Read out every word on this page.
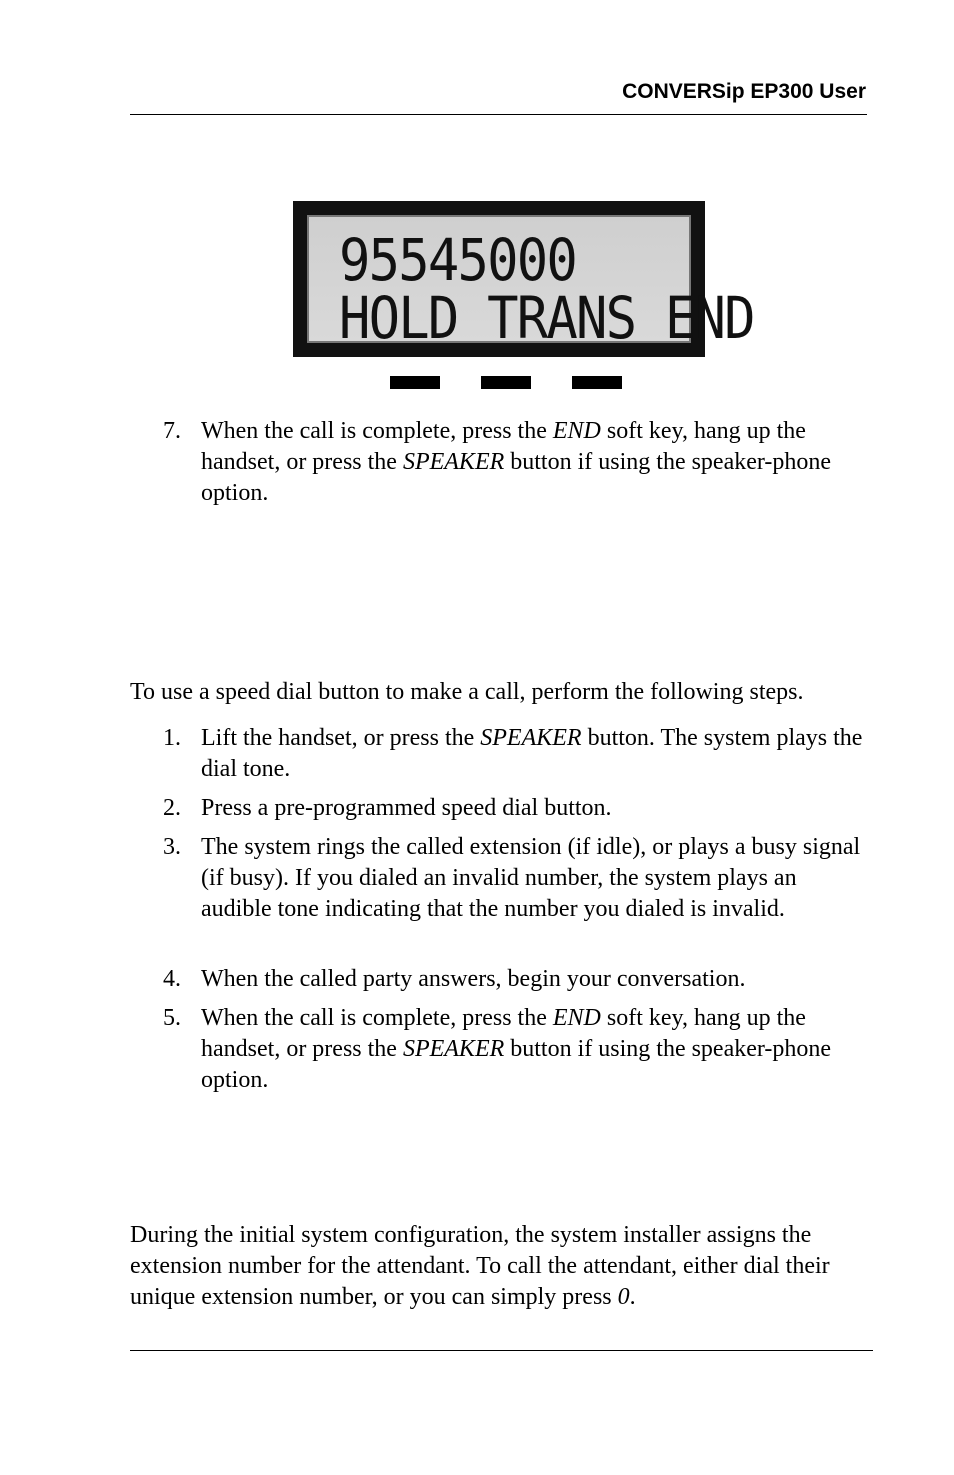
CONVERSip EP300 User
95545000
HOLD TRANS END
7. When the call is complete, press the END soft key, hang up the handset, or press the SPEAKER button if using the speaker-phone option.
To use a speed dial button to make a call, perform the following steps.
1. Lift the handset, or press the SPEAKER button. The system plays the dial tone.
2. Press a pre-programmed speed dial button.
3. The system rings the called extension (if idle), or plays a busy signal (if busy). If you dialed an invalid number, the system plays an audible tone indicating that the number you dialed is invalid.
4. When the called party answers, begin your conversation.
5. When the call is complete, press the END soft key, hang up the handset, or press the SPEAKER button if using the speaker-phone option.
During the initial system configuration, the system installer assigns the extension number for the attendant. To call the attendant, either dial their unique extension number, or you can simply press 0.
